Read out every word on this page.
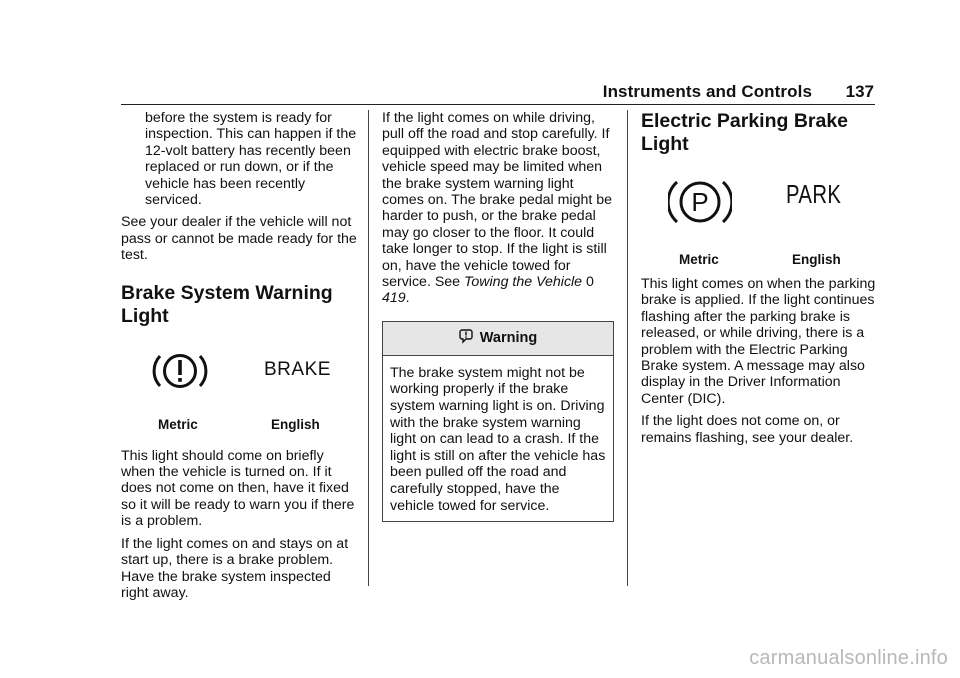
Instruments and Controls 137

before the system is ready for inspection. This can happen if the 12-volt battery has recently been replaced or run down, or if the vehicle has been recently serviced.

See your dealer if the vehicle will not pass or cannot be made ready for the test.

Brake System Warning Light
BRAKE
Metric	English

This light should come on briefly when the vehicle is turned on. If it does not come on then, have it fixed so it will be ready to warn you if there is a problem.

If the light comes on and stays on at start up, there is a brake problem. Have the brake system inspected right away.

If the light comes on while driving, pull off the road and stop carefully. If equipped with electric brake boost, vehicle speed may be limited when the brake system warning light comes on. The brake pedal might be harder to push, or the brake pedal may go closer to the floor. It could take longer to stop. If the light is still on, have the vehicle towed for service. See Towing the Vehicle 0 419.

Warning
The brake system might not be working properly if the brake system warning light is on. Driving with the brake system warning light on can lead to a crash. If the light is still on after the vehicle has been pulled off the road and carefully stopped, have the vehicle towed for service.
Electric Parking Brake Light
P	PARK
Metric	English

This light comes on when the parking brake is applied. If the light continues flashing after the parking brake is released, or while driving, there is a problem with the Electric Parking Brake system. A message may also display in the Driver Information Center (DIC).

If the light does not come on, or remains flashing, see your dealer.

carmanualsonline.info
